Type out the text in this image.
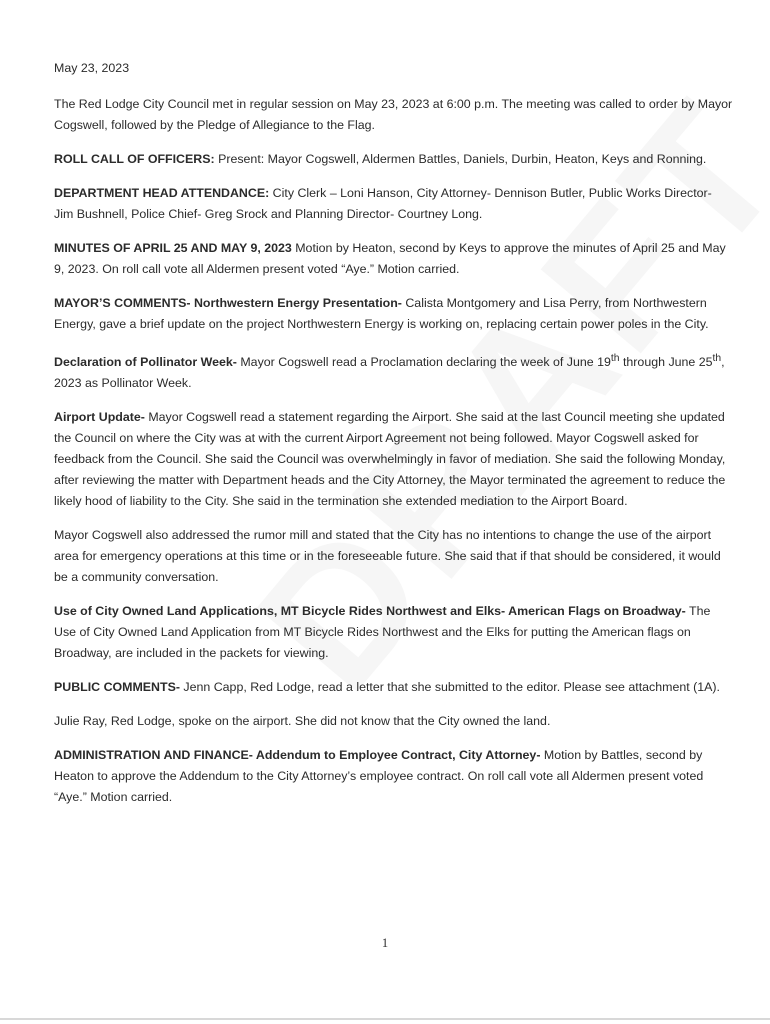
May 23, 2023

The Red Lodge City Council met in regular session on May 23, 2023 at 6:00 p.m. The meeting was called to order by Mayor Cogswell, followed by the Pledge of Allegiance to the Flag.

ROLL CALL OF OFFICERS: Present: Mayor Cogswell, Aldermen Battles, Daniels, Durbin, Heaton, Keys and Ronning.

DEPARTMENT HEAD ATTENDANCE: City Clerk – Loni Hanson, City Attorney- Dennison Butler, Public Works Director- Jim Bushnell, Police Chief- Greg Srock and Planning Director- Courtney Long.

MINUTES OF APRIL 25 AND MAY 9, 2023 Motion by Heaton, second by Keys to approve the minutes of April 25 and May 9, 2023. On roll call vote all Aldermen present voted “Aye.” Motion carried.

MAYOR’S COMMENTS- Northwestern Energy Presentation- Calista Montgomery and Lisa Perry, from Northwestern Energy, gave a brief update on the project Northwestern Energy is working on, replacing certain power poles in the City.

Declaration of Pollinator Week- Mayor Cogswell read a Proclamation declaring the week of June 19th through June 25th, 2023 as Pollinator Week.

Airport Update- Mayor Cogswell read a statement regarding the Airport. She said at the last Council meeting she updated the Council on where the City was at with the current Airport Agreement not being followed. Mayor Cogswell asked for feedback from the Council. She said the Council was overwhelmingly in favor of mediation. She said the following Monday, after reviewing the matter with Department heads and the City Attorney, the Mayor terminated the agreement to reduce the likely hood of liability to the City. She said in the termination she extended mediation to the Airport Board.

Mayor Cogswell also addressed the rumor mill and stated that the City has no intentions to change the use of the airport area for emergency operations at this time or in the foreseeable future. She said that if that should be considered, it would be a community conversation.

Use of City Owned Land Applications, MT Bicycle Rides Northwest and Elks- American Flags on Broadway- The Use of City Owned Land Application from MT Bicycle Rides Northwest and the Elks for putting the American flags on Broadway, are included in the packets for viewing.

PUBLIC COMMENTS- Jenn Capp, Red Lodge, read a letter that she submitted to the editor. Please see attachment (1A).

Julie Ray, Red Lodge, spoke on the airport. She did not know that the City owned the land.

ADMINISTRATION AND FINANCE- Addendum to Employee Contract, City Attorney- Motion by Battles, second by Heaton to approve the Addendum to the City Attorney’s employee contract. On roll call vote all Aldermen present voted “Aye.” Motion carried.

1
